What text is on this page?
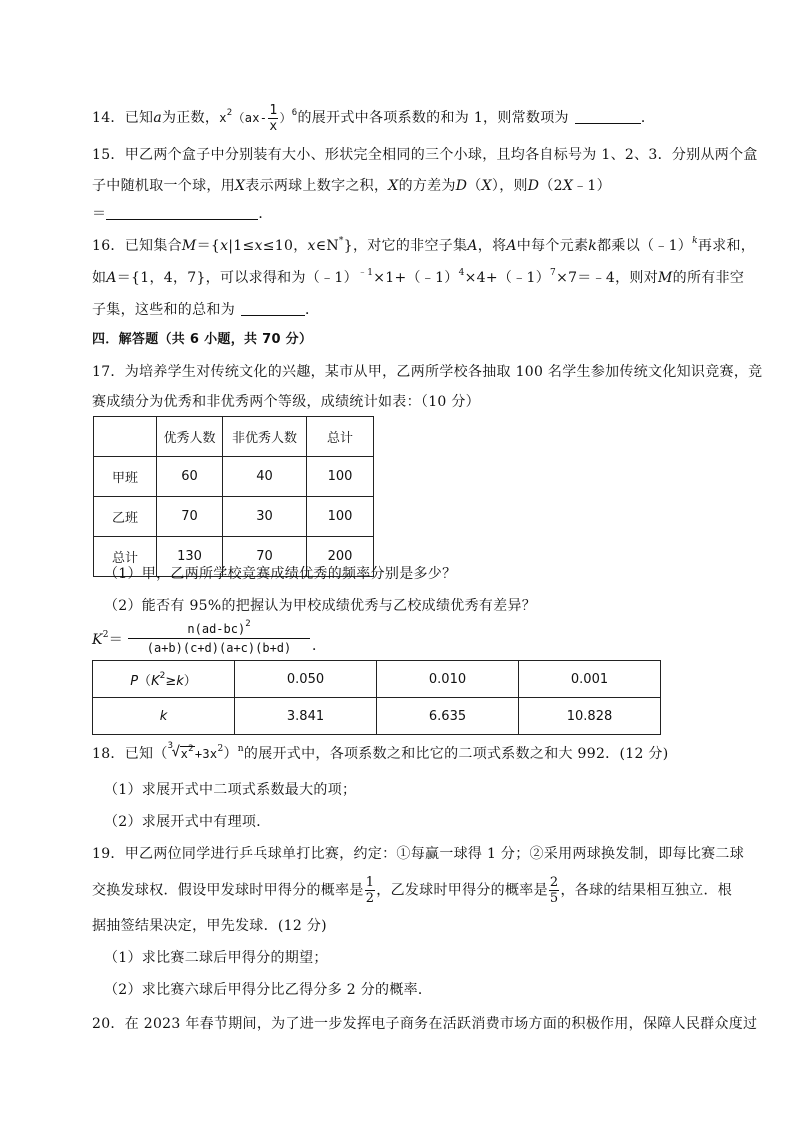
14．已知a为正数，$x^2(ax- \frac{1}{x} )^6$的展开式中各项系数的和为 1，则常数项为	．
15．甲乙两个盒子中分别装有大小、形状完全相同的三个小球，且均各自标号为 1、2、3．分别从两个盒
子中随机取一个球，用X表示两球上数字之积，X的方差为D（X），则D（2X﹣1）
＝	．
16．已知集合M＝{x|1≤x≤10，x∈N*}，对它的非空子集A，将A中每个元素k都乘以（﹣1）$^k$再求和，
如A＝{1，4，7}，可以求得和为（﹣1）$^{﹣1}$×1+（﹣1）$^4$×4+（﹣1）$^7$×7＝﹣4，则对M的所有非空
子集，这些和的总和为	．
四．解答题（共 6 小题，共 70 分）
17．为培养学生对传统文化的兴趣，某市从甲，乙两所学校各抽取 100 名学生参加传统文化知识竞赛，竞
赛成绩分为优秀和非优秀两个等级，成绩统计如表：（10 分）
	优秀人数	非优秀人数	总计
甲班	60	40	100
乙班	70	30	100
总计	130	70	200
（1）甲，乙两所学校竞赛成绩优秀的频率分别是多少？
（2）能否有 95%的把握认为甲校成绩优秀与乙校成绩优秀有差异？
$K^2=$
$n(ad-bc)^2$
(a+b)(c+d)(a+c)(b+d)	．
$P(K^2\ge k)$	0.050	0.010	0.001
k	3.841	6.635	10.828
18．已知（ 3
√ $x^2+3x^2)^n$的展开式中，各项系数之和比它的二项式系数之和大 992．(12 分)
（1）求展开式中二项式系数最大的项；
（2）求展开式中有理项．
19．甲乙两位同学进行乒乓球单打比赛，约定：①每赢一球得 1 分；②采用两球换发制，即每比赛二球
交换发球权．假设甲发球时甲得分的概率是 $\frac{1}{2}$ ，乙发球时甲得分的概率是 $\frac{2}{5}$ ，各球的结果相互独立．根
据抽签结果决定，甲先发球．(12 分)
（1）求比赛二球后甲得分的期望；
（2）求比赛六球后甲得分比乙得分多 2 分的概率．
20．在 2023 年春节期间，为了进一步发挥电子商务在活跃消费市场方面的积极作用，保障人民群众度过
